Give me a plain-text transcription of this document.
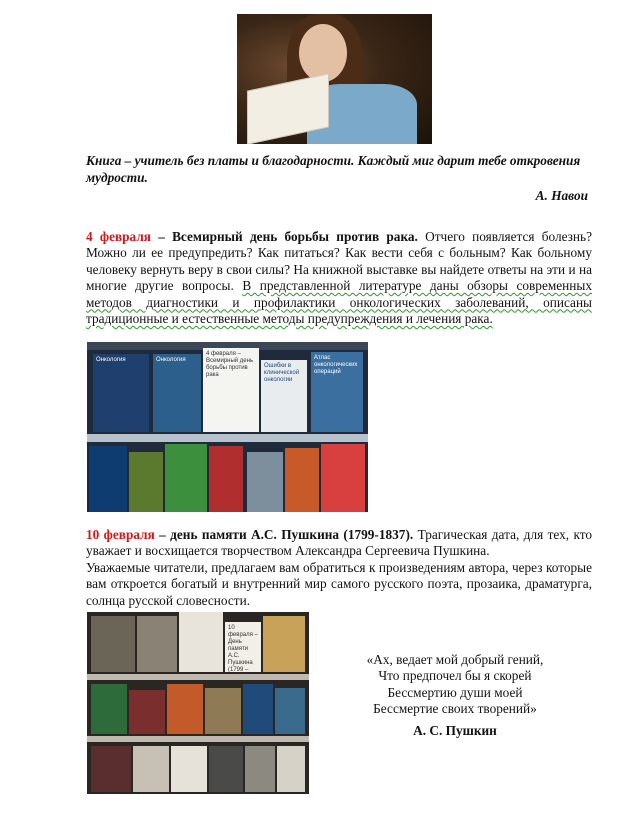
Книга – учитель без платы и благодарности. Каждый миг дарит тебе откровения мудрости.
А. Навои
4 февраля – Всемирный день борьбы против рака. Отчего появляется болезнь? Можно ли ее предупредить? Как питаться? Как вести себя с больным? Как больному человеку вернуть веру в свои силы? На книжной выставке вы найдете ответы на эти и на многие другие вопросы. В представленной литературе даны обзоры современных методов диагностики и профилактики онкологических заболеваний, описаны традиционные и естественные методы предупреждения и лечения рака.
Онкология	Онкология
4 февраля – Всемирный день борьбы против рака
Ошибки в клинической онкологии
Атлас онкологических операций
10 февраля – день памяти А.С. Пушкина (1799-1837). Трагическая дата, для тех, кто уважает и восхищается творчеством Александра Сергеевича Пушкина.
Уважаемые читатели, предлагаем вам обратиться к произведениям автора, через которые вам откроется богатый и внутренний мир самого русского поэта, прозаика, драматурга, солнца русской словесности.
10 февраля – День памяти А.С. Пушкина (1799 –
«Ах, ведает мой добрый гений,
Что предпочел бы я скорей
Бессмертию души моей
Бессмертие своих творений»
А. С. Пушкин
